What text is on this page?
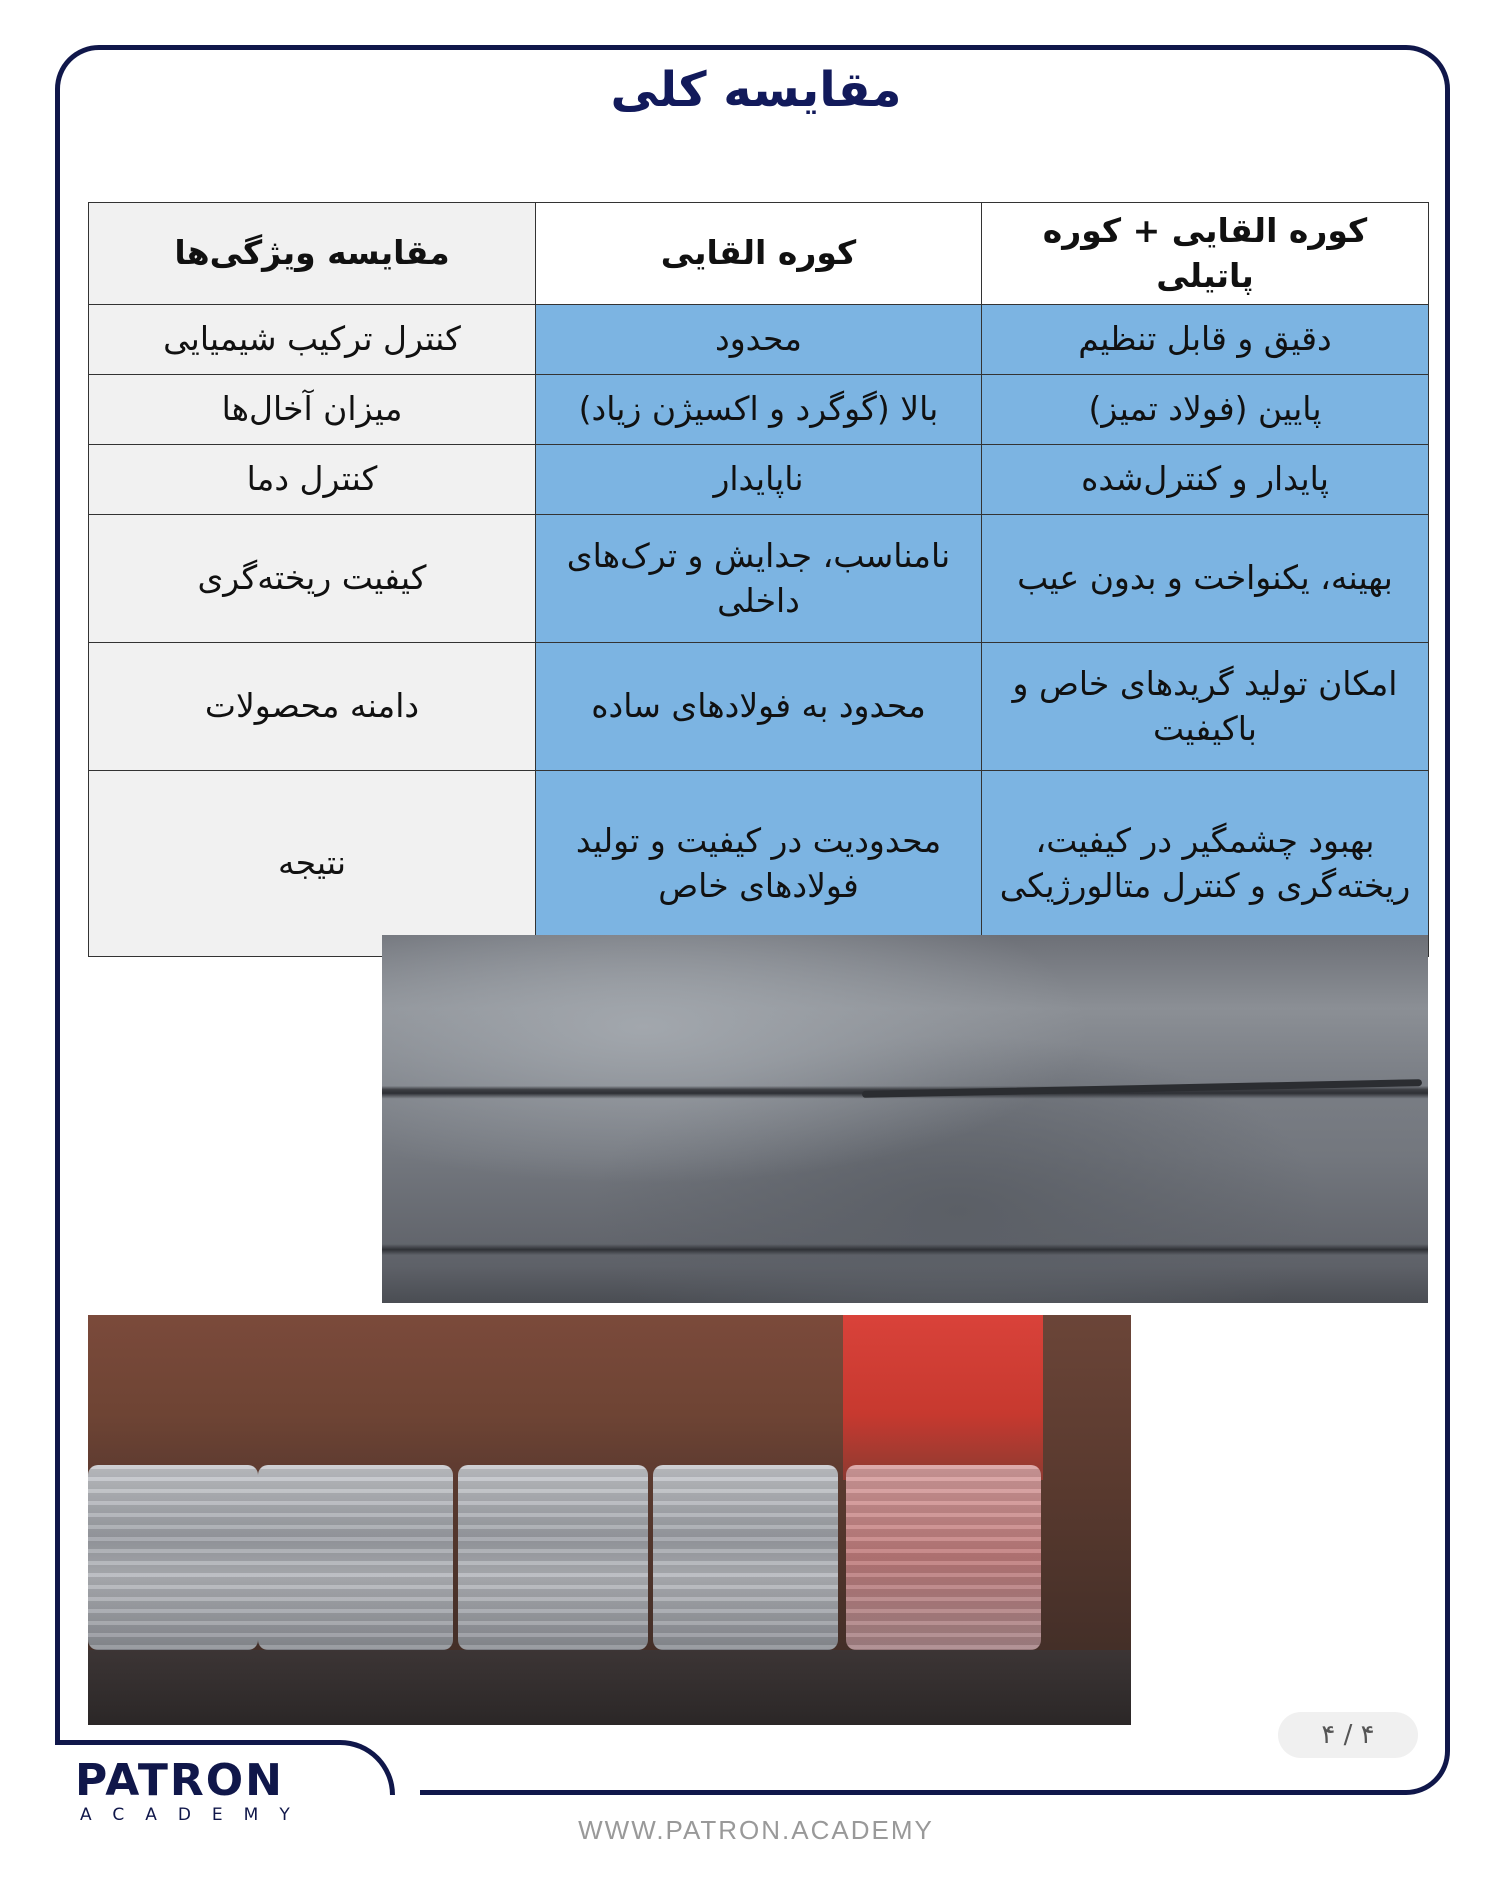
مقایسه کلی
کوره القایی + کوره پاتیلی	کوره القایی	مقایسه ویژگی‌ها
دقیق و قابل تنظیم	محدود	کنترل ترکیب شیمیایی
پایین (فولاد تمیز)	بالا (گوگرد و اکسیژن زیاد)	میزان آخال‌ها
پایدار و کنترل‌شده	ناپایدار	کنترل دما
بهینه، یکنواخت و بدون عیب	نامناسب، جدایش و ترک‌های داخلی	کیفیت ریخته‌گری
امکان تولید گریدهای خاص و باکیفیت	محدود به فولادهای ساده	دامنه محصولات
بهبود چشمگیر در کیفیت، ریخته‌گری و کنترل متالورژیکی	محدودیت در کیفیت و تولید فولادهای خاص	نتیجه
۴ / ۴
PATRON
ACADEMY	WWW.PATRON.ACADEMY
